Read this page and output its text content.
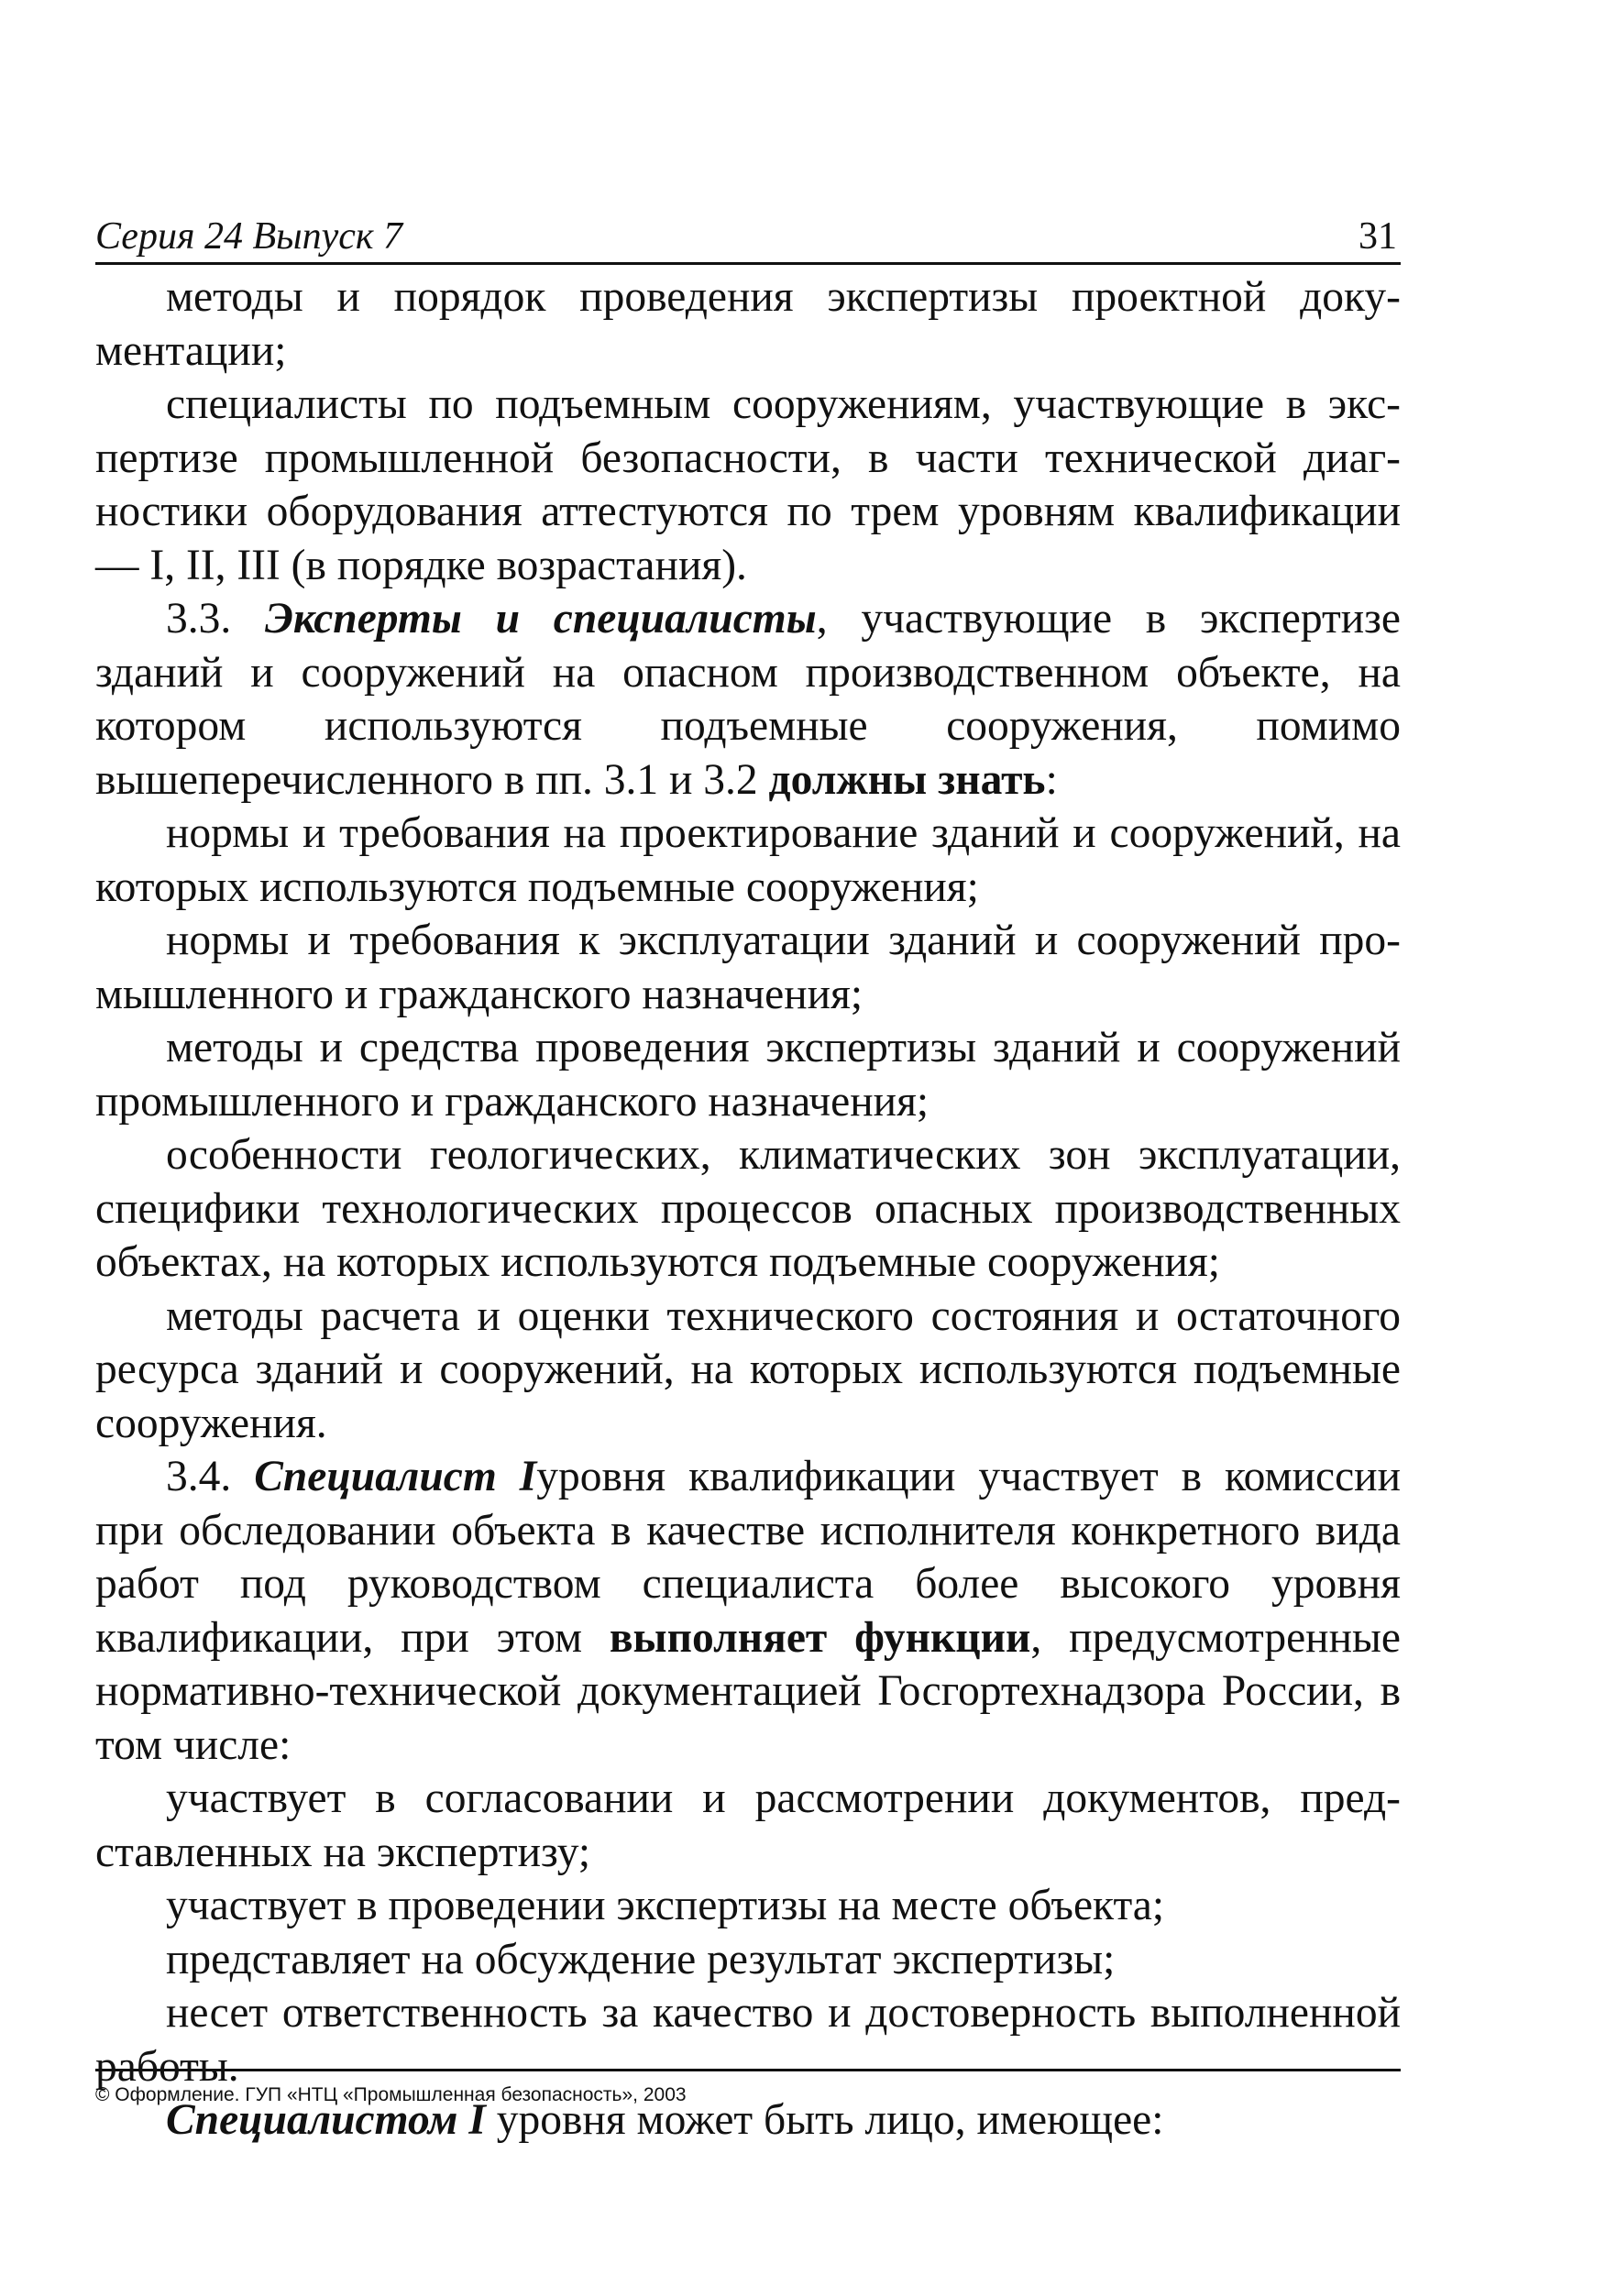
Серия 24 Выпуск 7	31

методы и порядок проведения экспертизы проектной документации;

специалисты по подъемным сооружениям, участвующие в экспертизе промышленной безопасности, в части технической диагностики оборудования аттестуются по трем уровням квалификации — I, II, III (в порядке возрастания).

3.3. Эксперты и специалисты, участвующие в экспертизе зданий и сооружений на опасном производственном объекте, на котором используются подъемные сооружения, помимо вышеперечисленного в пп. 3.1 и 3.2 должны знать:

нормы и требования на проектирование зданий и сооружений, на которых используются подъемные сооружения;

нормы и требования к эксплуатации зданий и сооружений промышленного и гражданского назначения;

методы и средства проведения экспертизы зданий и сооружений промышленного и гражданского назначения;

особенности геологических, климатических зон эксплуатации, специфики технологических процессов опасных производственных объектах, на которых используются подъемные сооружения;

методы расчета и оценки технического состояния и остаточного ресурса зданий и сооружений, на которых используются подъемные сооружения.

3.4. Специалист Iуровня квалификации участвует в комиссии при обследовании объекта в качестве исполнителя конкретного вида работ под руководством специалиста более высокого уровня квалификации, при этом выполняет функции, предусмотренные нормативно-технической документацией Госгортехнадзора России, в том числе:

участвует в согласовании и рассмотрении документов, представленных на экспертизу;

участвует в проведении экспертизы на месте объекта;

представляет на обсуждение результат экспертизы;

несет ответственность за качество и достоверность выполненной работы.

Специалистом I уровня может быть лицо, имеющее:

© Оформление. ГУП «НТЦ «Промышленная безопасность», 2003
